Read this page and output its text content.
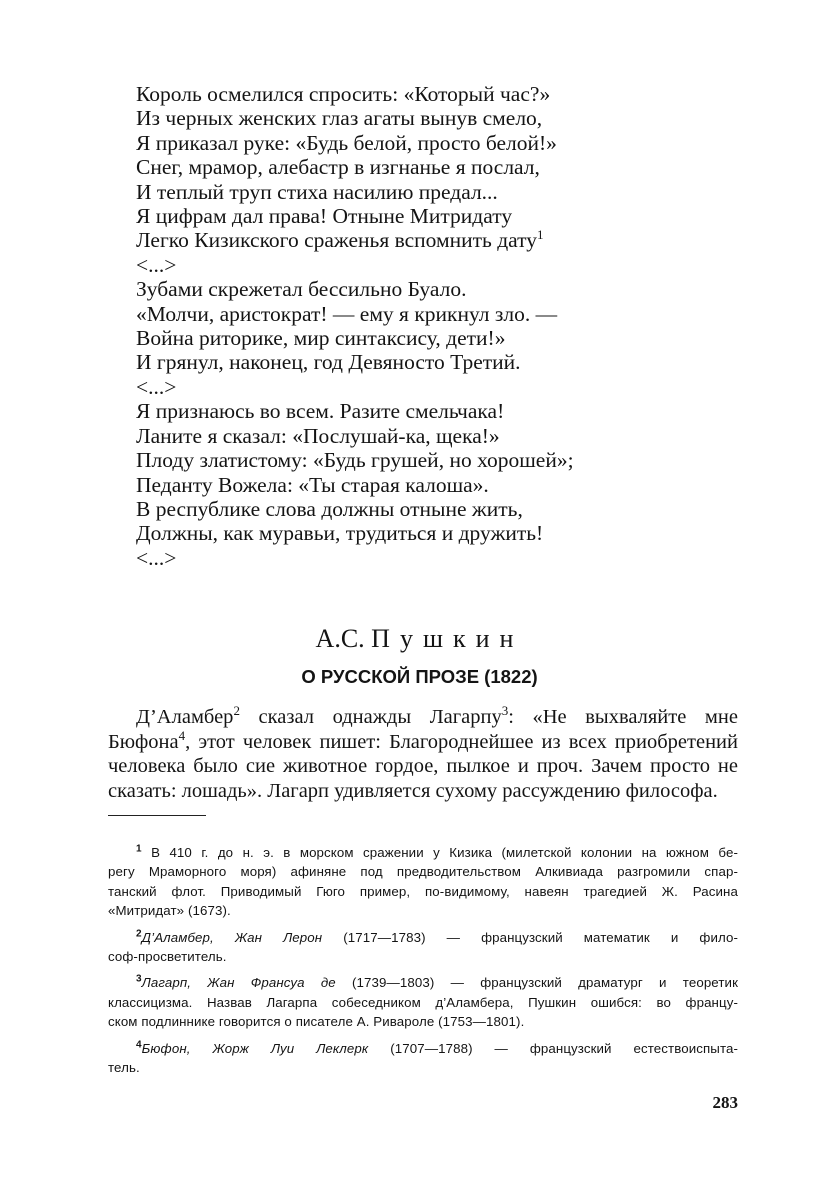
Король осмелился спросить: «Который час?»
Из черных женских глаз агаты вынув смело,
Я приказал руке: «Будь белой, просто белой!»
Снег, мрамор, алебастр в изгнанье я послал,
И теплый труп стиха насилию предал...
Я цифрам дал права! Отныне Митридату
Легко Кизикского сраженья вспомнить дату$^1$
<...>
Зубами скрежетал бессильно Буало.
«Молчи, аристократ! — ему я крикнул зло. —
Война риторике, мир синтаксису, дети!»
И грянул, наконец, год Девяносто Третий.
<...>
Я признаюсь во всем. Разите смельчака!
Ланите я сказал: «Послушай-ка, щека!»
Плоду златистому: «Будь грушей, но хорошей»;
Педанту Вожела: «Ты старая калоша».
В республике слова должны отныне жить,
Должны, как муравьи, трудиться и дружить!
<...>
А.С. Пушкин
О РУССКОЙ ПРОЗЕ (1822)
Д’Аламбер$^2$ сказал однажды Лагарпу$^3$: «Не выхваляйте мне
Бюфона$^4$, этот человек пишет: Благороднейшее из всех приобретений
человека было сие животное гордое, пылкое и проч. Зачем просто не
сказать: лошадь». Лагарп удивляется сухому рассуждению философа.
$^1$ В 410 г. до н. э. в морском сражении у Кизика (милетской колонии на южном бе-
регу Мраморного моря) афиняне под предводительством Алкивиада разгромили спар-
танский флот. Приводимый Гюго пример, по-видимому, навеян трагедией Ж. Расина
«Митридат» (1673).
$^2$Д’Аламбер, Жан Лерон (1717—1783) — французский математик и фило-
соф-просветитель.
$^3$Лагарп, Жан Франсуа де (1739—1803) — французский драматург и теоретик
классицизма. Назвав Лагарпа собеседником д’Аламбера, Пушкин ошибся: во францу-
ском подлиннике говорится о писателе А. Ривароле (1753—1801).
$^4$Бюфон, Жорж Луи Леклерк (1707—1788) — французский естествоиспыта-
тель.
283
